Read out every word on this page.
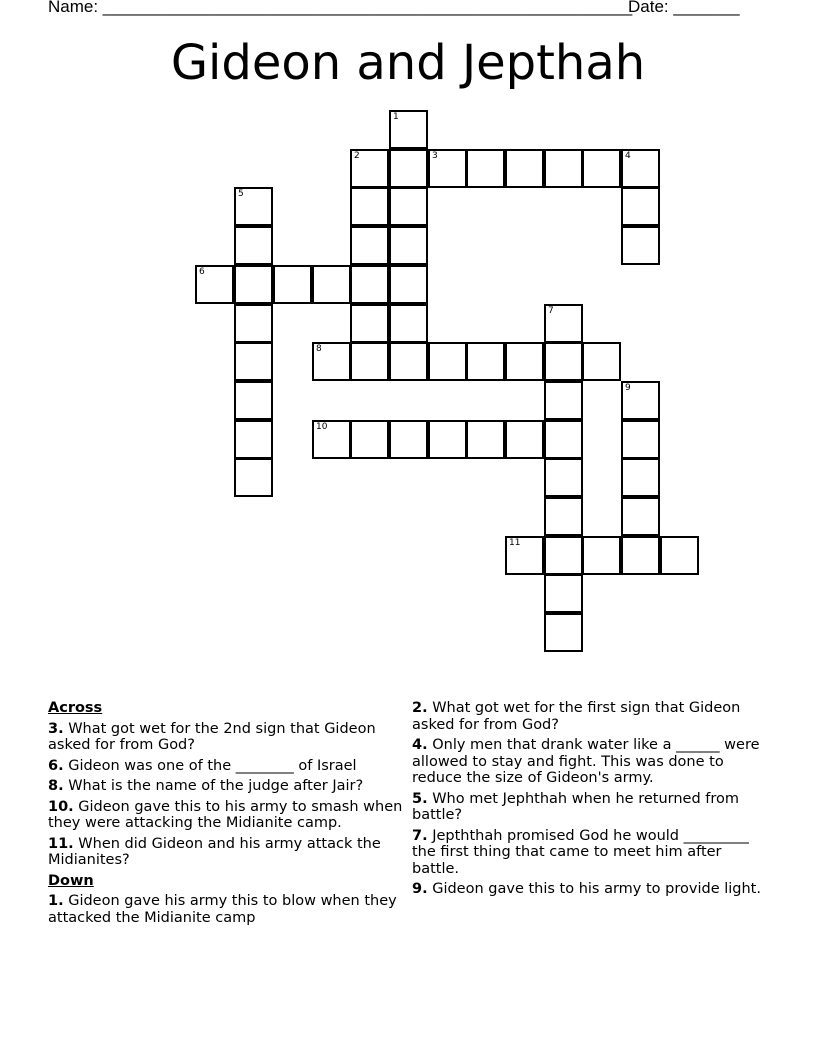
Name: ________________________________________________________
Date: _______
Gideon and Jepthah
1
2	3	4
5
6
7
8
9
10
11
Across
3. What got wet for the 2nd sign that Gideon asked for from God?
6. Gideon was one of the ________ of Israel
8. What is the name of the judge after Jair?
10. Gideon gave this to his army to smash when they were attacking the Midianite camp.
11. When did Gideon and his army attack the Midianites?
Down
1. Gideon gave his army this to blow when they attacked the Midianite camp
2. What got wet for the first sign that Gideon asked for from God?
4. Only men that drank water like a ______ were allowed to stay and fight. This was done to reduce the size of Gideon's army.
5. Who met Jephthah when he returned from battle?
7. Jepththah promised God he would _________ the first thing that came to meet him after battle.
9. Gideon gave this to his army to provide light.
